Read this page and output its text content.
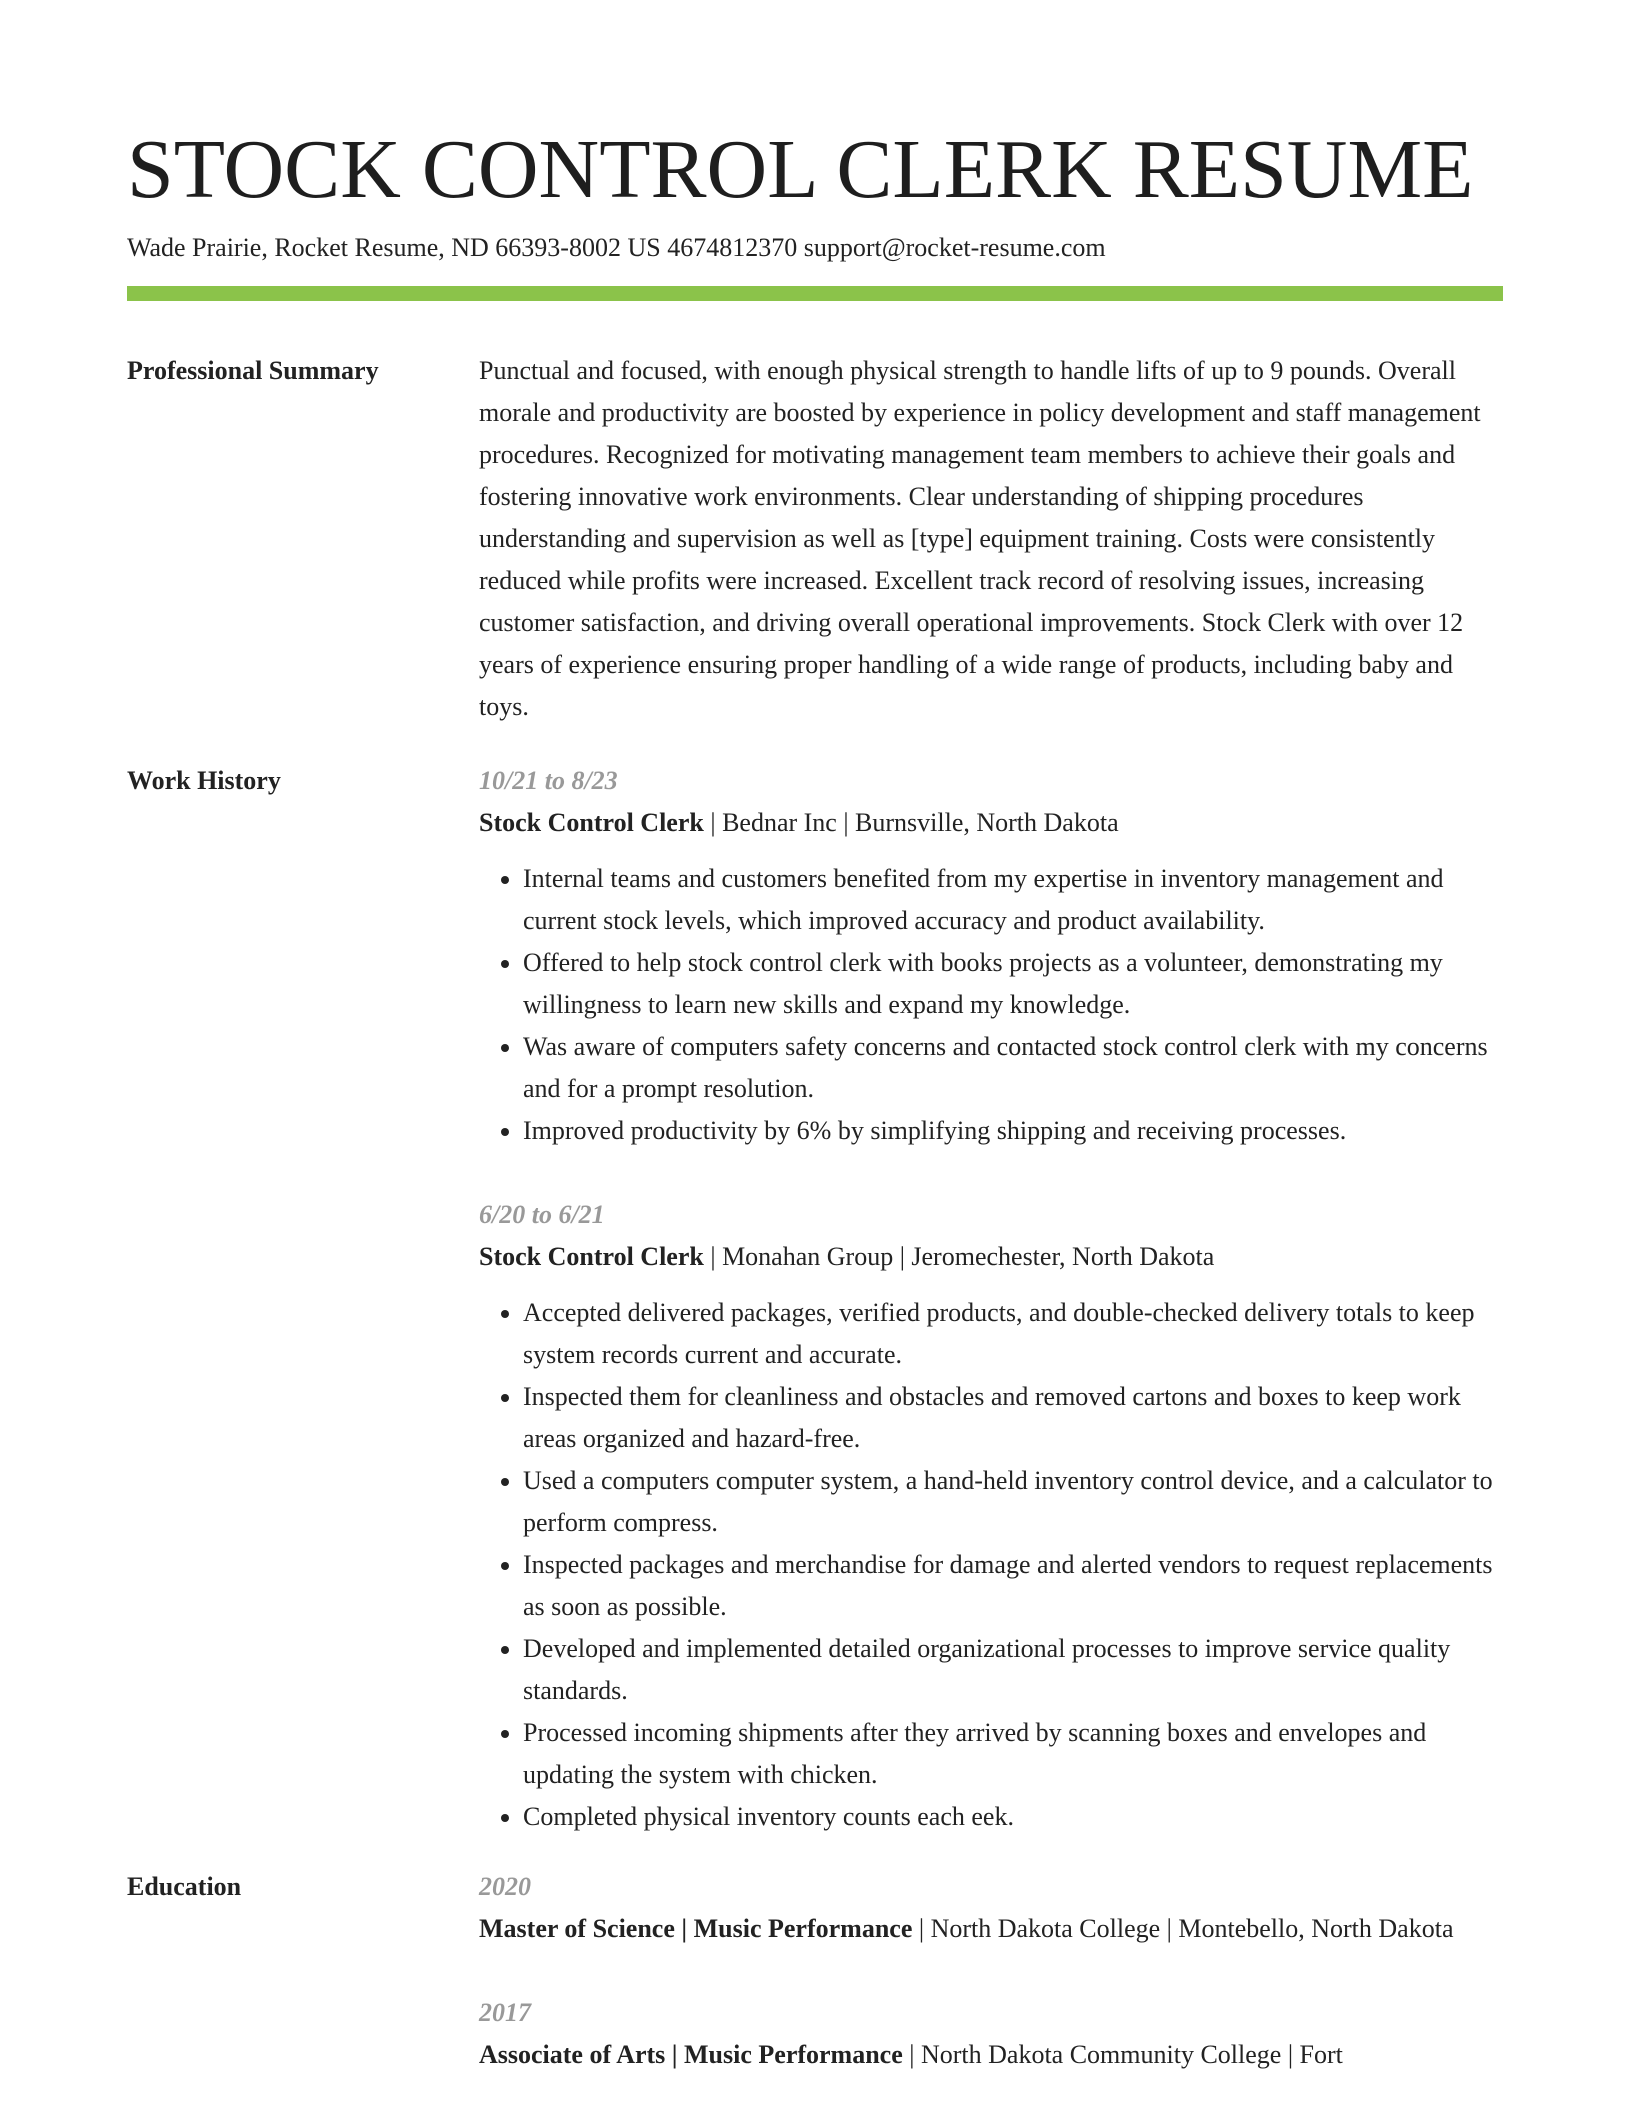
STOCK CONTROL CLERK RESUME
Wade Prairie, Rocket Resume, ND 66393-8002 US 4674812370 support@rocket-resume.com
Professional Summary	Punctual and focused, with enough physical strength to handle lifts of up to 9 pounds. Overall morale and productivity are boosted by experience in policy development and staff management procedures. Recognized for motivating management team members to achieve their goals and fostering innovative work environments. Clear understanding of shipping procedures understanding and supervision as well as [type] equipment training. Costs were consistently reduced while profits were increased. Excellent track record of resolving issues, increasing customer satisfaction, and driving overall operational improvements. Stock Clerk with over 12 years of experience ensuring proper handling of a wide range of products, including baby and toys.

Work History	10/21 to 8/23
Stock Control Clerk | Bednar Inc | Burnsville, North Dakota
• Internal teams and customers benefited from my expertise in inventory management and current stock levels, which improved accuracy and product availability.
• Offered to help stock control clerk with books projects as a volunteer, demonstrating my willingness to learn new skills and expand my knowledge.
• Was aware of computers safety concerns and contacted stock control clerk with my concerns and for a prompt resolution.
• Improved productivity by 6% by simplifying shipping and receiving processes.
6/20 to 6/21
Stock Control Clerk | Monahan Group | Jeromechester, North Dakota
• Accepted delivered packages, verified products, and double-checked delivery totals to keep system records current and accurate.
• Inspected them for cleanliness and obstacles and removed cartons and boxes to keep work areas organized and hazard-free.
• Used a computers computer system, a hand-held inventory control device, and a calculator to perform compress.
• Inspected packages and merchandise for damage and alerted vendors to request replacements as soon as possible.
• Developed and implemented detailed organizational processes to improve service quality standards.
• Processed incoming shipments after they arrived by scanning boxes and envelopes and updating the system with chicken.
• Completed physical inventory counts each eek.
Education	2020
Master of Science | Music Performance | North Dakota College | Montebello, North Dakota
2017
Associate of Arts | Music Performance | North Dakota Community College | Fort
